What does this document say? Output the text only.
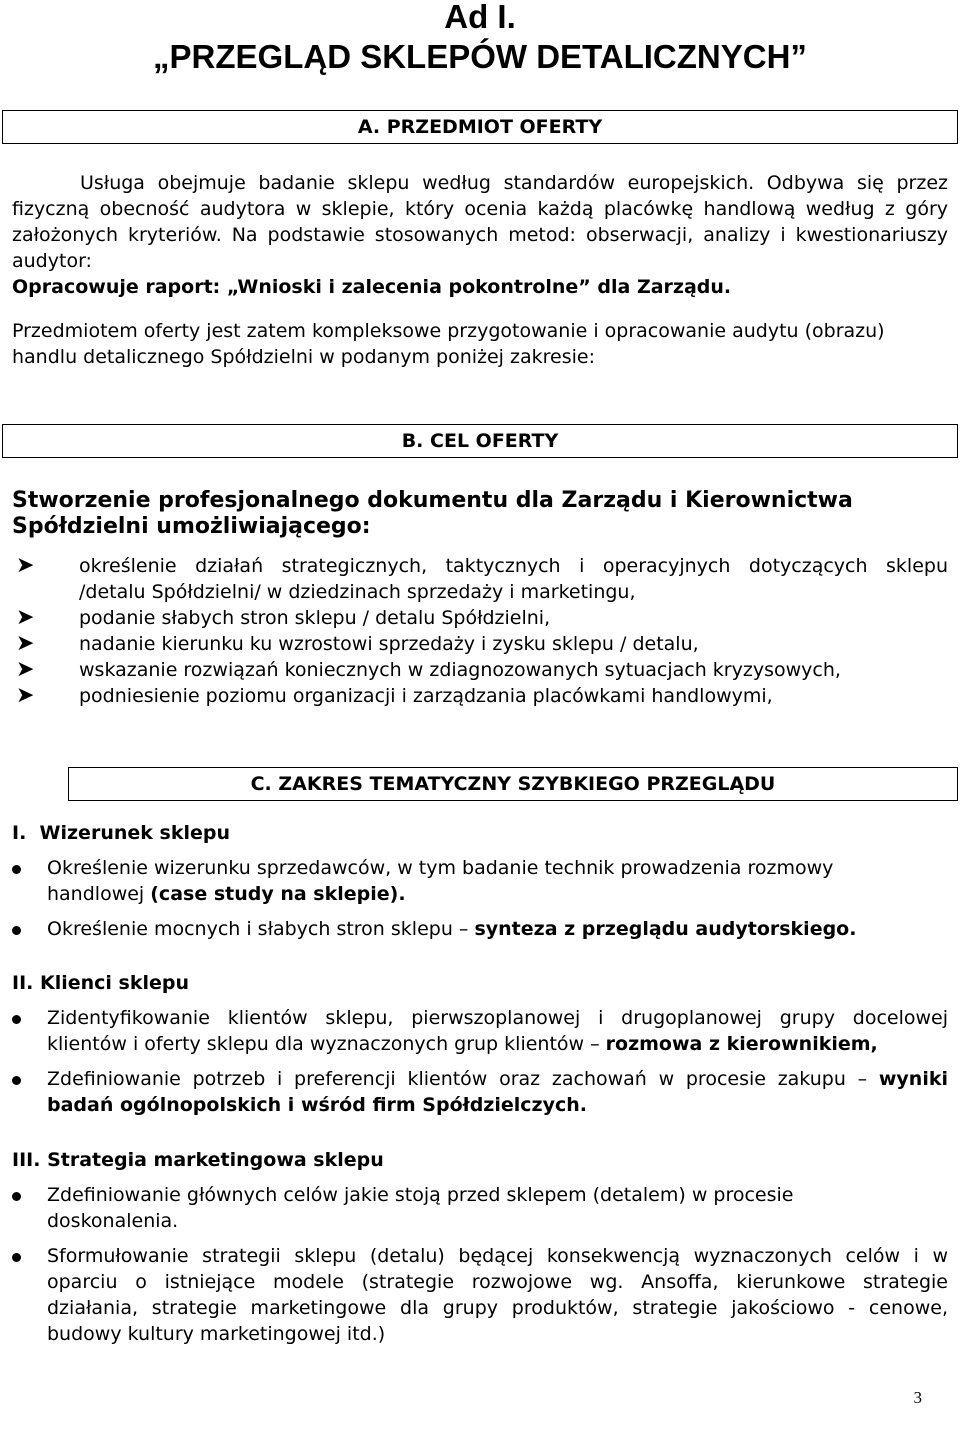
Ad I.
„PRZEGLĄD SKLEPÓW DETALICZNYCH”
A. PRZEDMIOT OFERTY
Usługa obejmuje badanie sklepu według standardów europejskich. Odbywa się przez
fizyczną obecność audytora w sklepie, który ocenia każdą placówkę handlową według z góry
założonych kryteriów. Na podstawie stosowanych metod: obserwacji, analizy i kwestionariuszy
audytor:
Opracowuje raport: „Wnioski i zalecenia pokontrolne” dla Zarządu.
Przedmiotem oferty jest zatem kompleksowe przygotowanie i opracowanie audytu (obrazu)
handlu detalicznego Spółdzielni w podanym poniżej zakresie:
B. CEL OFERTY
Stworzenie profesjonalnego dokumentu dla Zarządu i Kierownictwa
Spółdzielni umożliwiającego:
➤ określenie działań strategicznych, taktycznych i operacyjnych dotyczących sklepu
/detalu Spółdzielni/ w dziedzinach sprzedaży i marketingu,
➤ podanie słabych stron sklepu / detalu Spółdzielni,
➤ nadanie kierunku ku wzrostowi sprzedaży i zysku sklepu / detalu,
➤ wskazanie rozwiązań koniecznych w zdiagnozowanych sytuacjach kryzysowych,
➤ podniesienie poziomu organizacji i zarządzania placówkami handlowymi,
C. ZAKRES TEMATYCZNY SZYBKIEGO PRZEGLĄDU
I. Wizerunek sklepu
Określenie wizerunku sprzedawców, w tym badanie technik prowadzenia rozmowy
handlowej (case study na sklepie).
Określenie mocnych i słabych stron sklepu – synteza z przeglądu audytorskiego.
II. Klienci sklepu
Zidentyfikowanie klientów sklepu, pierwszoplanowej i drugoplanowej grupy docelowej
klientów i oferty sklepu dla wyznaczonych grup klientów – rozmowa z kierownikiem,
Zdefiniowanie potrzeb i preferencji klientów oraz zachowań w procesie zakupu – wyniki
badań ogólnopolskich i wśród firm Spółdzielczych.
III. Strategia marketingowa sklepu
Zdefiniowanie głównych celów jakie stoją przed sklepem (detalem) w procesie
doskonalenia.
Sformułowanie strategii sklepu (detalu) będącej konsekwencją wyznaczonych celów i w
oparciu o istniejące modele (strategie rozwojowe wg. Ansoffa, kierunkowe strategie
działania, strategie marketingowe dla grupy produktów, strategie jakościowo - cenowe,
budowy kultury marketingowej itd.)
3
